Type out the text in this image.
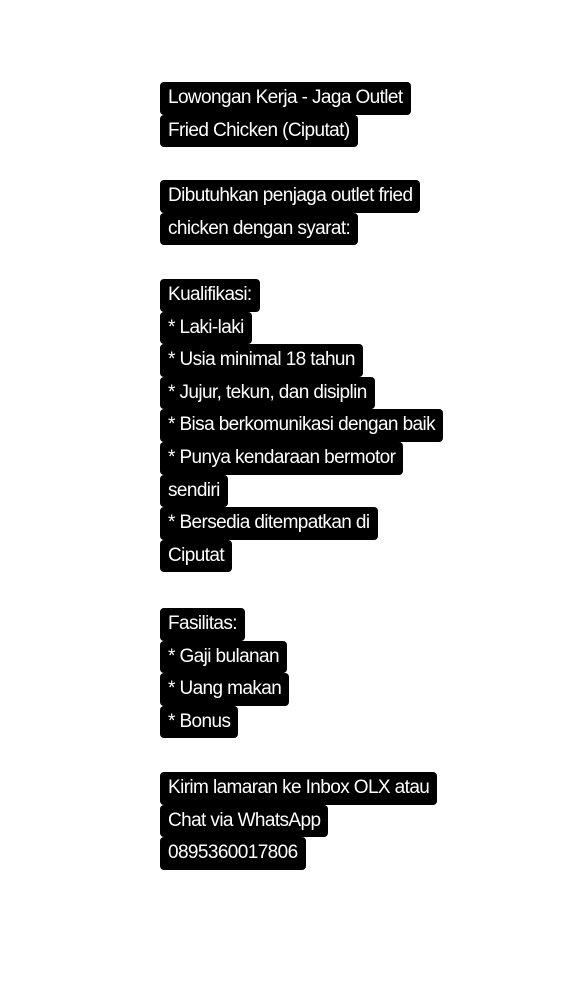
Lowongan Kerja - Jaga Outlet
Fried Chicken (Ciputat)
Dibutuhkan penjaga outlet fried
chicken dengan syarat:
Kualifikasi:
* Laki-laki
* Usia minimal 18 tahun
* Jujur, tekun, dan disiplin
* Bisa berkomunikasi dengan baik
* Punya kendaraan bermotor
sendiri
* Bersedia ditempatkan di
Ciputat
Fasilitas:
* Gaji bulanan
* Uang makan
* Bonus
Kirim lamaran ke Inbox OLX atau
Chat via WhatsApp
0895360017806
